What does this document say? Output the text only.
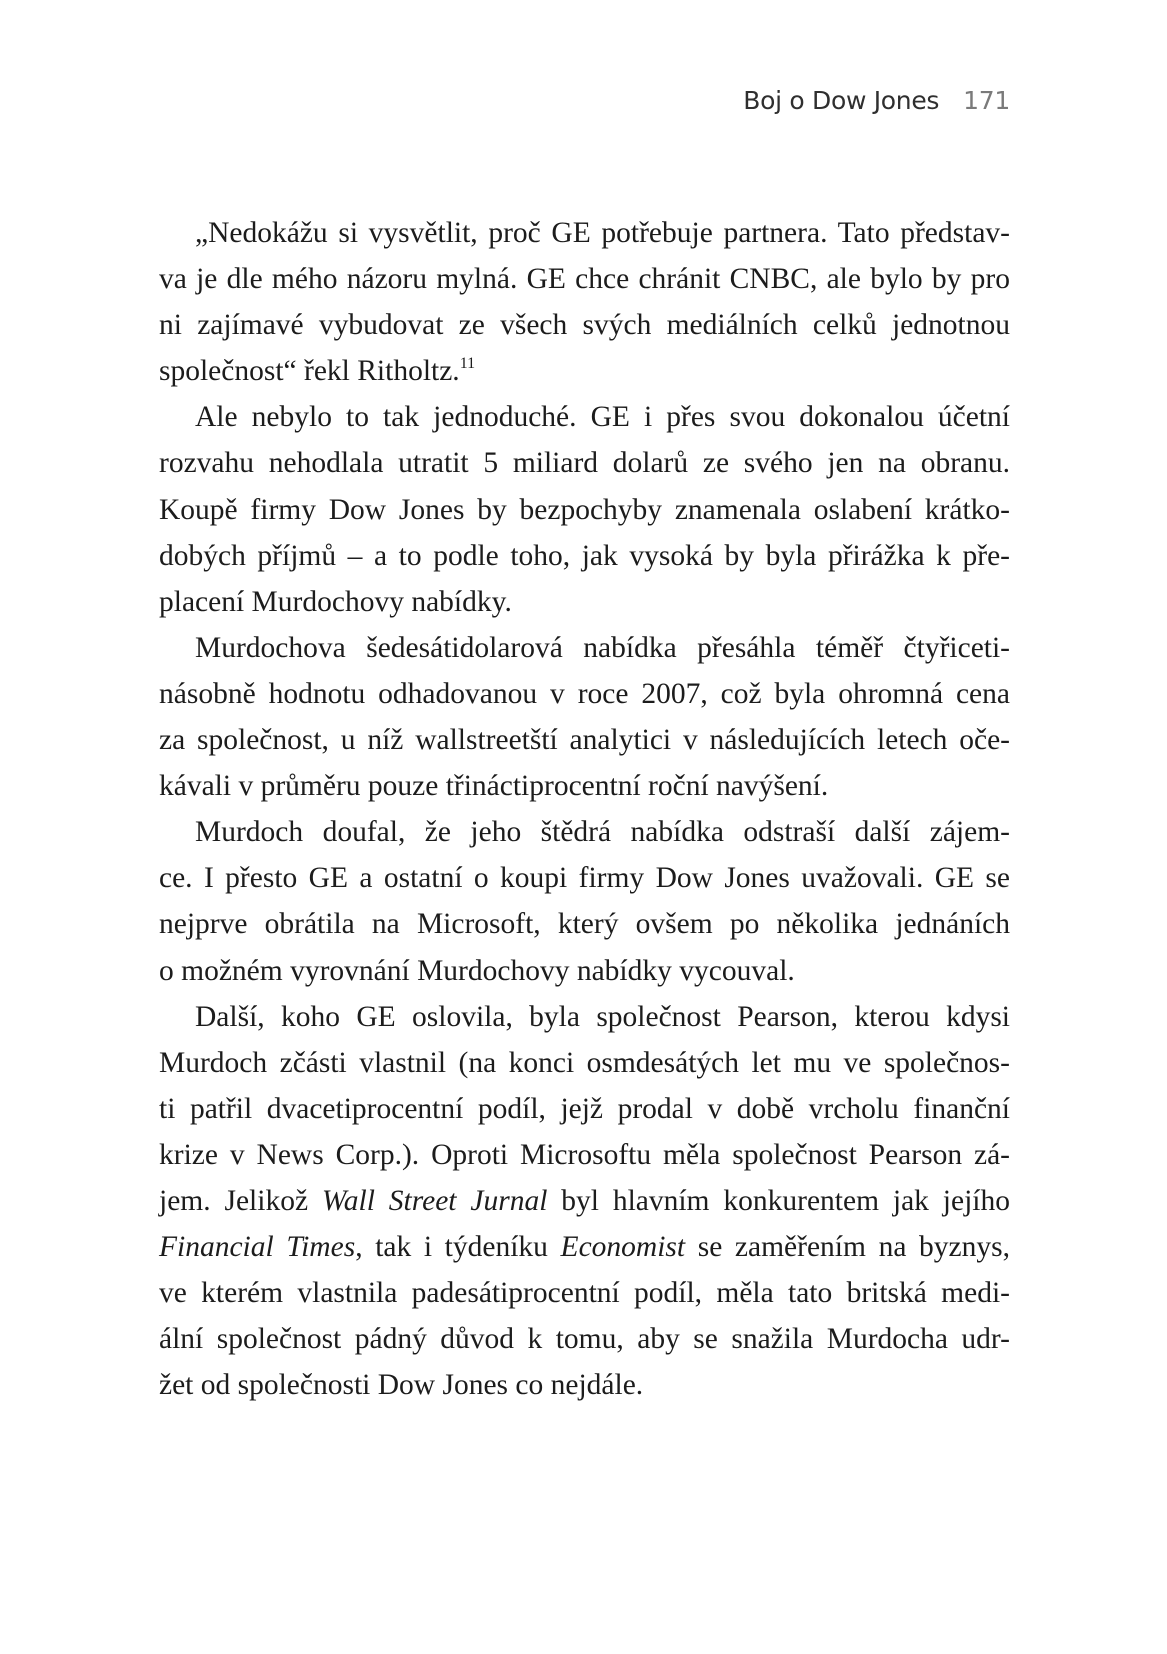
Boj o Dow Jones 171
„Nedokážu si vysvětlit, proč GE potřebuje partnera. Tato představ-
va je dle mého názoru mylná. GE chce chránit CNBC, ale bylo by pro
ni zajímavé vybudovat ze všech svých mediálních celků jednotnou
společnost“ řekl Ritholtz.$^{11}$
Ale nebylo to tak jednoduché. GE i přes svou dokonalou účetní
rozvahu nehodlala utratit 5 miliard dolarů ze svého jen na obranu.
Koupě firmy Dow Jones by bezpochyby znamenala oslabení krátko-
dobých příjmů – a to podle toho, jak vysoká by byla přirážka k pře-
placení Murdochovy nabídky.
Murdochova šedesátidolarová nabídka přesáhla téměř čtyřiceti-
násobně hodnotu odhadovanou v roce 2007, což byla ohromná cena
za společnost, u níž wallstreetští analytici v následujících letech oče-
kávali v průměru pouze třináctiprocentní roční navýšení.
Murdoch doufal, že jeho štědrá nabídka odstraší další zájem-
ce. I přesto GE a ostatní o koupi firmy Dow Jones uvažovali. GE se
nejprve obrátila na Microsoft, který ovšem po několika jednáních
o možném vyrovnání Murdochovy nabídky vycouval.
Další, koho GE oslovila, byla společnost Pearson, kterou kdysi
Murdoch zčásti vlastnil (na konci osmdesátých let mu ve společnos-
ti patřil dvacetiprocentní podíl, jejž prodal v době vrcholu finanční
krize v News Corp.). Oproti Microsoftu měla společnost Pearson zá-
jem. Jelikož Wall Street Jurnal byl hlavním konkurentem jak jejího
Financial Times, tak i týdeníku Economist se zaměřením na byznys,
ve kterém vlastnila padesátiprocentní podíl, měla tato britská medi-
ální společnost pádný důvod k tomu, aby se snažila Murdocha udr-
žet od společnosti Dow Jones co nejdále.
